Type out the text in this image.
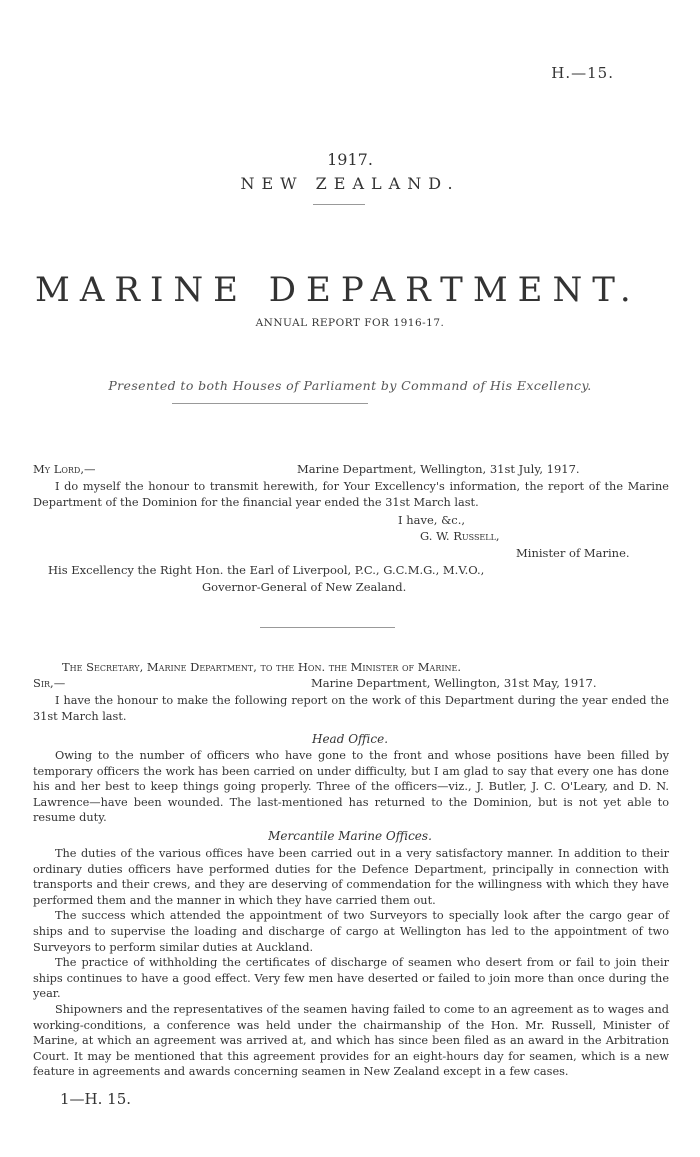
H.—15.
1917.
NEW ZEALAND.
MARINE DEPARTMENT.
ANNUAL REPORT FOR 1916-17.
Presented to both Houses of Parliament by Command of His Excellency.
My Lord,—	Marine Department, Wellington, 31st July, 1917.

I do myself the honour to transmit herewith, for Your Excellency's information, the report of the Marine Department of the Dominion for the financial year ended the 31st March last.

I have, &c.,
G. W. Russell,
Minister of Marine.
His Excellency the Right Hon. the Earl of Liverpool, P.C., G.C.M.G., M.V.O.,
Governor-General of New Zealand.
The Secretary, Marine Department, to the Hon. the Minister of Marine.
Sir,—	Marine Department, Wellington, 31st May, 1917.

I have the honour to make the following report on the work of this Department during the year ended the 31st March last.

Head Office.

Owing to the number of officers who have gone to the front and whose positions have been filled by temporary officers the work has been carried on under difficulty, but I am glad to say that every one has done his and her best to keep things going properly. Three of the officers—viz., J. Butler, J. C. O'Leary, and D. N. Lawrence—have been wounded. The last-mentioned has returned to the Dominion, but is not yet able to resume duty.

Mercantile Marine Offices.

The duties of the various offices have been carried out in a very satisfactory manner. In addition to their ordinary duties officers have performed duties for the Defence Department, principally in connection with transports and their crews, and they are deserving of commendation for the willingness with which they have performed them and the manner in which they have carried them out.

The success which attended the appointment of two Surveyors to specially look after the cargo gear of ships and to supervise the loading and discharge of cargo at Wellington has led to the appointment of two Surveyors to perform similar duties at Auckland.

The practice of withholding the certificates of discharge of seamen who desert from or fail to join their ships continues to have a good effect. Very few men have deserted or failed to join more than once during the year.

Shipowners and the representatives of the seamen having failed to come to an agreement as to wages and working-conditions, a conference was held under the chairmanship of the Hon. Mr. Russell, Minister of Marine, at which an agreement was arrived at, and which has since been filed as an award in the Arbitration Court. It may be mentioned that this agreement provides for an eight-hours day for seamen, which is a new feature in agreements and awards concerning seamen in New Zealand except in a few cases.

1—H. 15.
